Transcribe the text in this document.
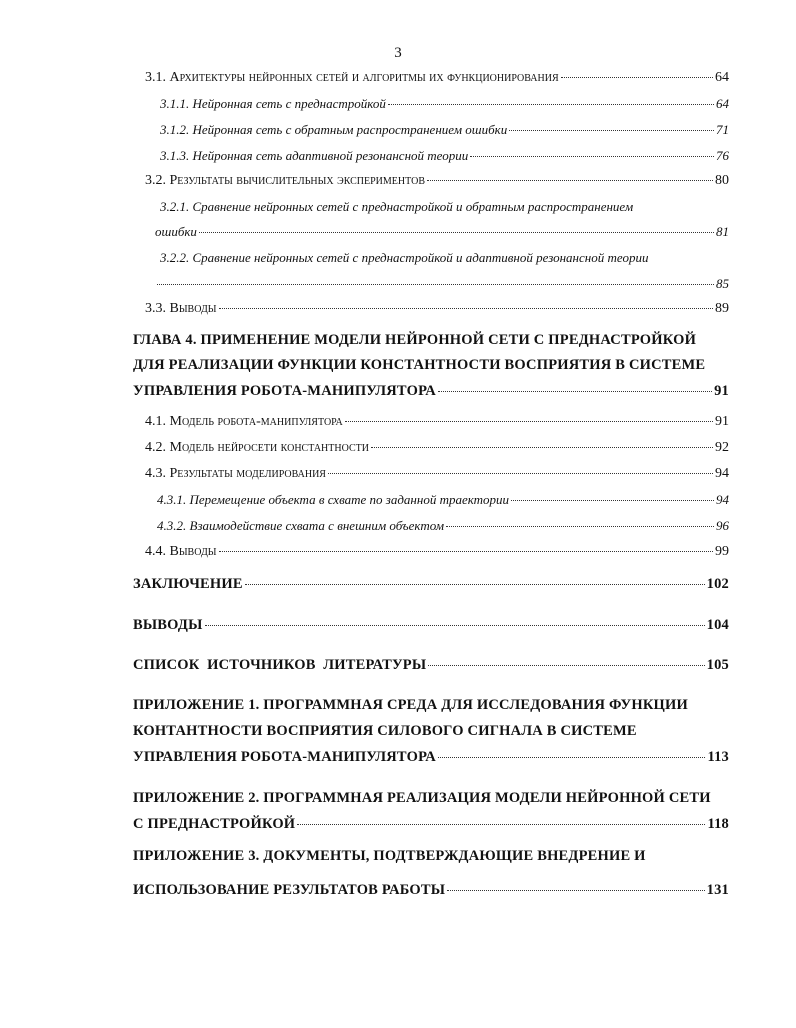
3
3.1. Архитектуры нейронных сетей и алгоритмы их функционирования	64
3.1.1. Нейронная сеть с преднастройкой	64
3.1.2. Нейронная сеть с обратным распространением ошибки	71
3.1.3. Нейронная сеть адаптивной резонансной теории	76
3.2. Результаты вычислительных экспериментов	80
3.2.1. Сравнение нейронных сетей с преднастройкой и обратным распространением
ошибки	81
3.2.2. Сравнение нейронных сетей с преднастройкой и адаптивной резонансной теории
85
3.3. Выводы	89
ГЛАВА 4. ПРИМЕНЕНИЕ МОДЕЛИ НЕЙРОННОЙ СЕТИ С ПРЕДНАСТРОЙКОЙ
ДЛЯ РЕАЛИЗАЦИИ ФУНКЦИИ КОНСТАНТНОСТИ ВОСПРИЯТИЯ В СИСТЕМЕ
УПРАВЛЕНИЯ РОБОТА-МАНИПУЛЯТОРА	91
4.1. Модель робота-манипулятора	91
4.2. Модель нейросети константности	92
4.3. Результаты моделирования	94
4.3.1. Перемещение объекта в схвате по заданной траектории	94
4.3.2. Взаимодействие схвата с внешним объектом	96
4.4. Выводы	99
ЗАКЛЮЧЕНИЕ	102
ВЫВОДЫ	104
СПИСОК  ИСТОЧНИКОВ  ЛИТЕРАТУРЫ	105
ПРИЛОЖЕНИЕ 1. ПРОГРАММНАЯ СРЕДА ДЛЯ ИССЛЕДОВАНИЯ ФУНКЦИИ
КОНТАНТНОСТИ ВОСПРИЯТИЯ СИЛОВОГО СИГНАЛА В СИСТЕМЕ
УПРАВЛЕНИЯ РОБОТА-МАНИПУЛЯТОРА	113
ПРИЛОЖЕНИЕ 2. ПРОГРАММНАЯ РЕАЛИЗАЦИЯ МОДЕЛИ НЕЙРОННОЙ СЕТИ
С ПРЕДНАСТРОЙКОЙ	118
ПРИЛОЖЕНИЕ 3. ДОКУМЕНТЫ, ПОДТВЕРЖДАЮЩИЕ ВНЕДРЕНИЕ И
ИСПОЛЬЗОВАНИЕ РЕЗУЛЬТАТОВ РАБОТЫ	131
